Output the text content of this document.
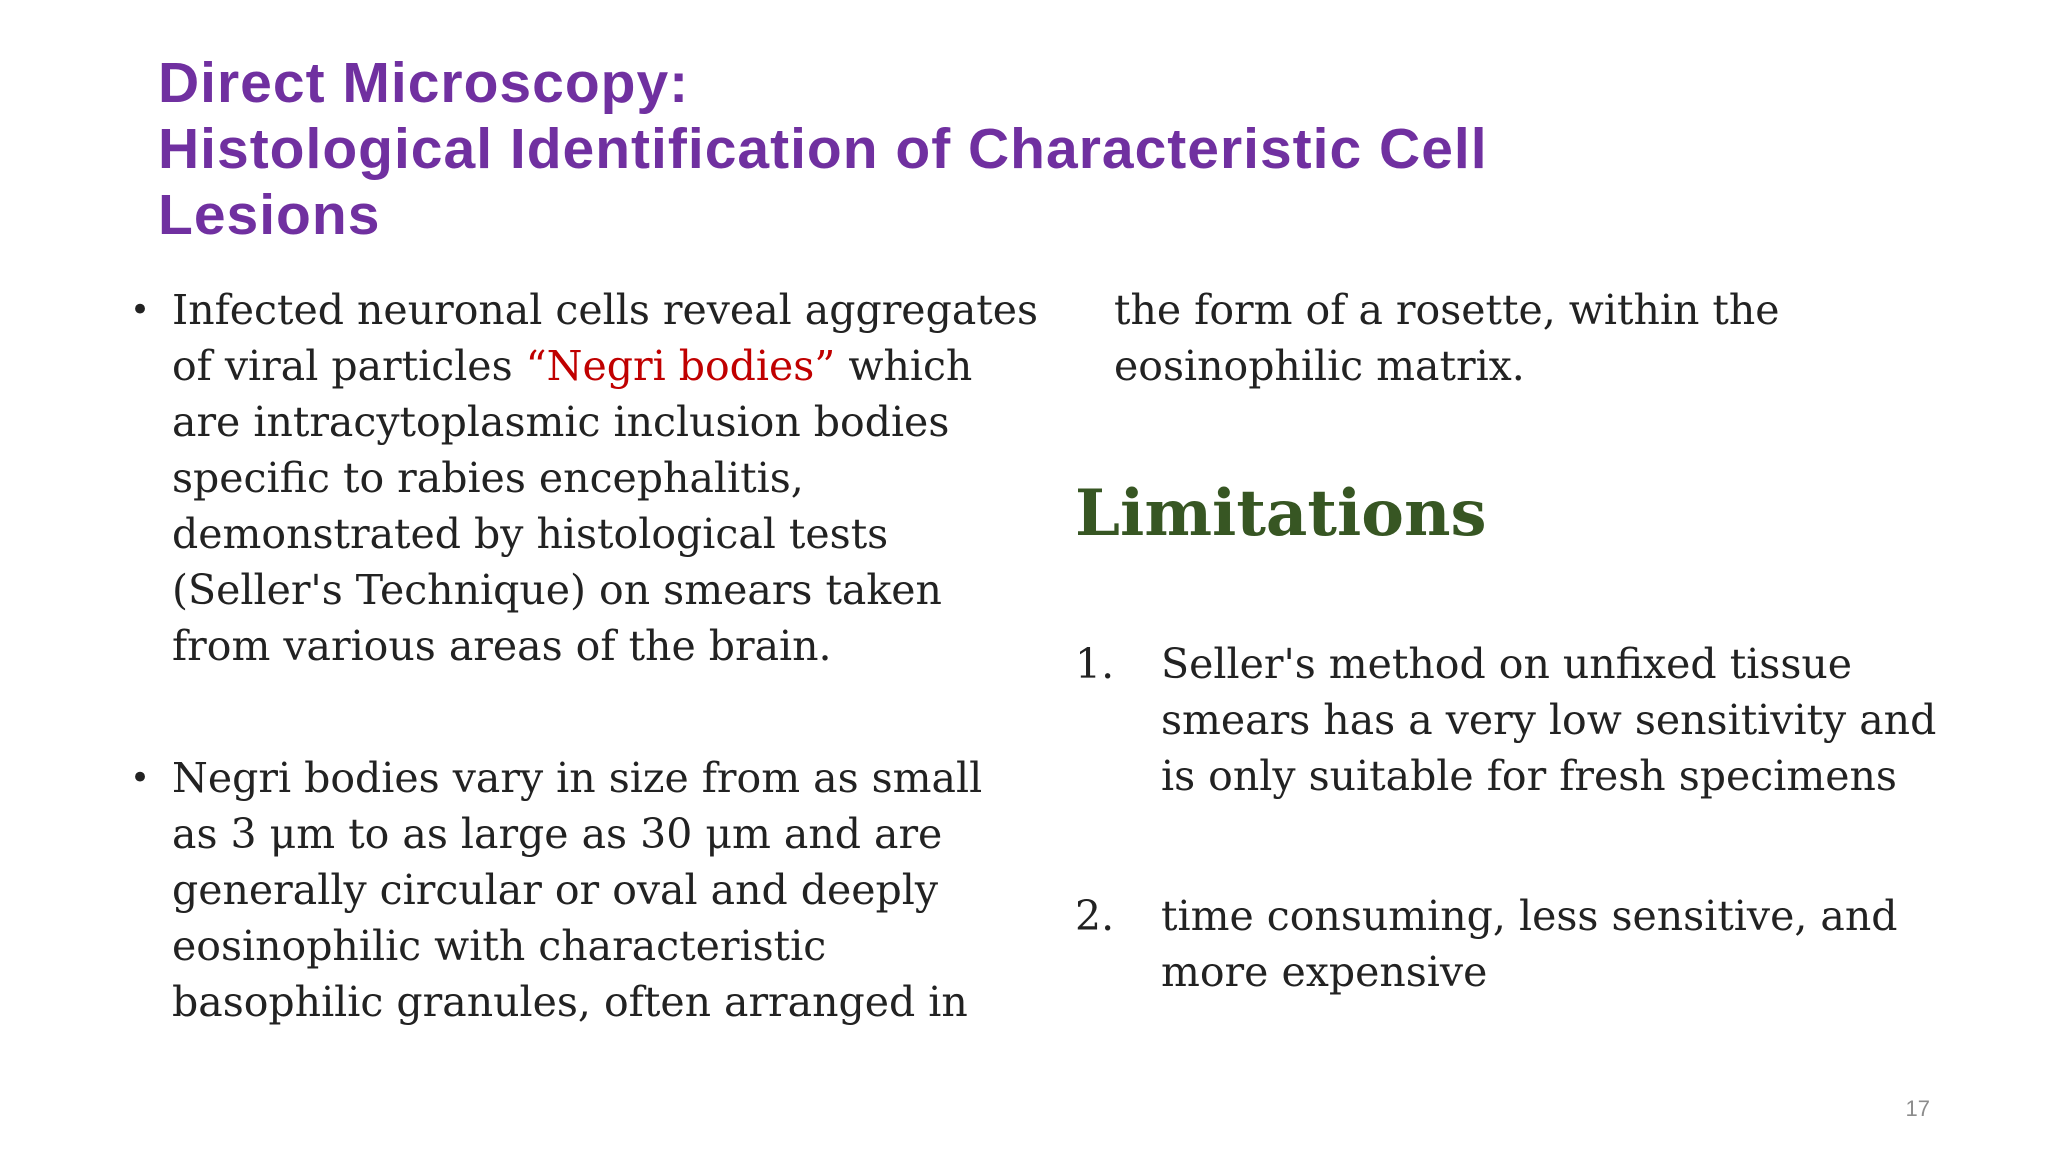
Direct Microscopy:
Histological Identification of Characteristic Cell
Lesions
• Infected neuronal cells reveal aggregates
of viral particles “Negri bodies” which
are intracytoplasmic inclusion bodies
specific to rabies encephalitis,
demonstrated by histological tests
(Seller's Technique) on smears taken
from various areas of the brain.
• Negri bodies vary in size from as small
as 3 μm to as large as 30 μm and are
generally circular or oval and deeply
eosinophilic with characteristic
basophilic granules, often arranged in
the form of a rosette, within the
eosinophilic matrix.
Limitations
1. Seller's method on unfixed tissue
smears has a very low sensitivity and
is only suitable for fresh specimens
2. time consuming, less sensitive, and
more expensive
17
